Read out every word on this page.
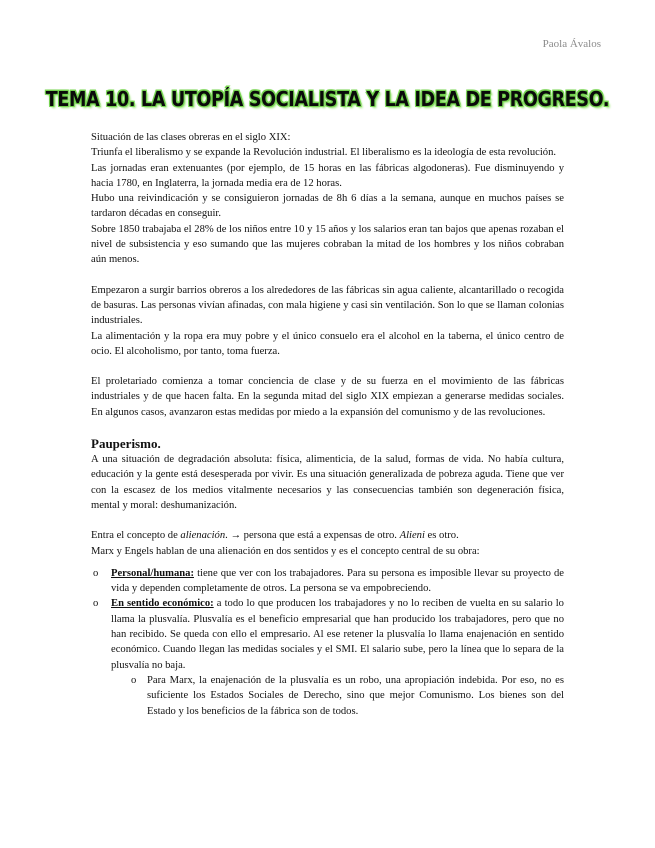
Paola Ávalos
TEMA 10. LA UTOPÍA SOCIALISTA Y LA IDEA DE PROGRESO.

Situación de las clases obreras en el siglo XIX:

Triunfa el liberalismo y se expande la Revolución industrial. El liberalismo es la ideología de esta revolución.

Las jornadas eran extenuantes (por ejemplo, de 15 horas en las fábricas algodoneras). Fue disminuyendo y hacia 1780, en Inglaterra, la jornada media era de 12 horas.

Hubo una reivindicación y se consiguieron jornadas de 8h 6 días a la semana, aunque en muchos países se tardaron décadas en conseguir.

Sobre 1850 trabajaba el 28% de los niños entre 10 y 15 años y los salarios eran tan bajos que apenas rozaban el nivel de subsistencia y eso sumando que las mujeres cobraban la mitad de los hombres y los niños cobraban aún menos.

Empezaron a surgir barrios obreros a los alrededores de las fábricas sin agua caliente, alcantarillado o recogida de basuras. Las personas vivían afinadas, con mala higiene y casi sin ventilación. Son lo que se llaman colonias industriales.

La alimentación y la ropa era muy pobre y el único consuelo era el alcohol en la taberna, el único centro de ocio. El alcoholismo, por tanto, toma fuerza.

El proletariado comienza a tomar conciencia de clase y de su fuerza en el movimiento de las fábricas industriales y de que hacen falta. En la segunda mitad del siglo XIX empiezan a generarse medidas sociales. En algunos casos, avanzaron estas medidas por miedo a la expansión del comunismo y de las revoluciones.

Pauperismo.

A una situación de degradación absoluta: física, alimenticia, de la salud, formas de vida. No había cultura, educación y la gente está desesperada por vivir. Es una situación generalizada de pobreza aguda. Tiene que ver con la escasez de los medios vitalmente necesarios y las consecuencias también son degeneración física, mental y moral: deshumanización.

Entra el concepto de alienación. → persona que está a expensas de otro. Alieni es otro.

Marx y Engels hablan de una alienación en dos sentidos y es el concepto central de su obra:

o Personal/humana: tiene que ver con los trabajadores. Para su persona es imposible llevar su proyecto de vida y dependen completamente de otros. La persona se va empobreciendo.
o En sentido económico: a todo lo que producen los trabajadores y no lo reciben de vuelta en su salario lo llama la plusvalía. Plusvalía es el beneficio empresarial que han producido los trabajadores, pero que no han recibido. Se queda con ello el empresario. Al ese retener la plusvalía lo llama enajenación en sentido económico. Cuando llegan las medidas sociales y el SMI. El salario sube, pero la línea que lo separa de la plusvalía no baja.
o Para Marx, la enajenación de la plusvalía es un robo, una apropiación indebida. Por eso, no es suficiente los Estados Sociales de Derecho, sino que mejor Comunismo. Los bienes son del Estado y los beneficios de la fábrica son de todos.
